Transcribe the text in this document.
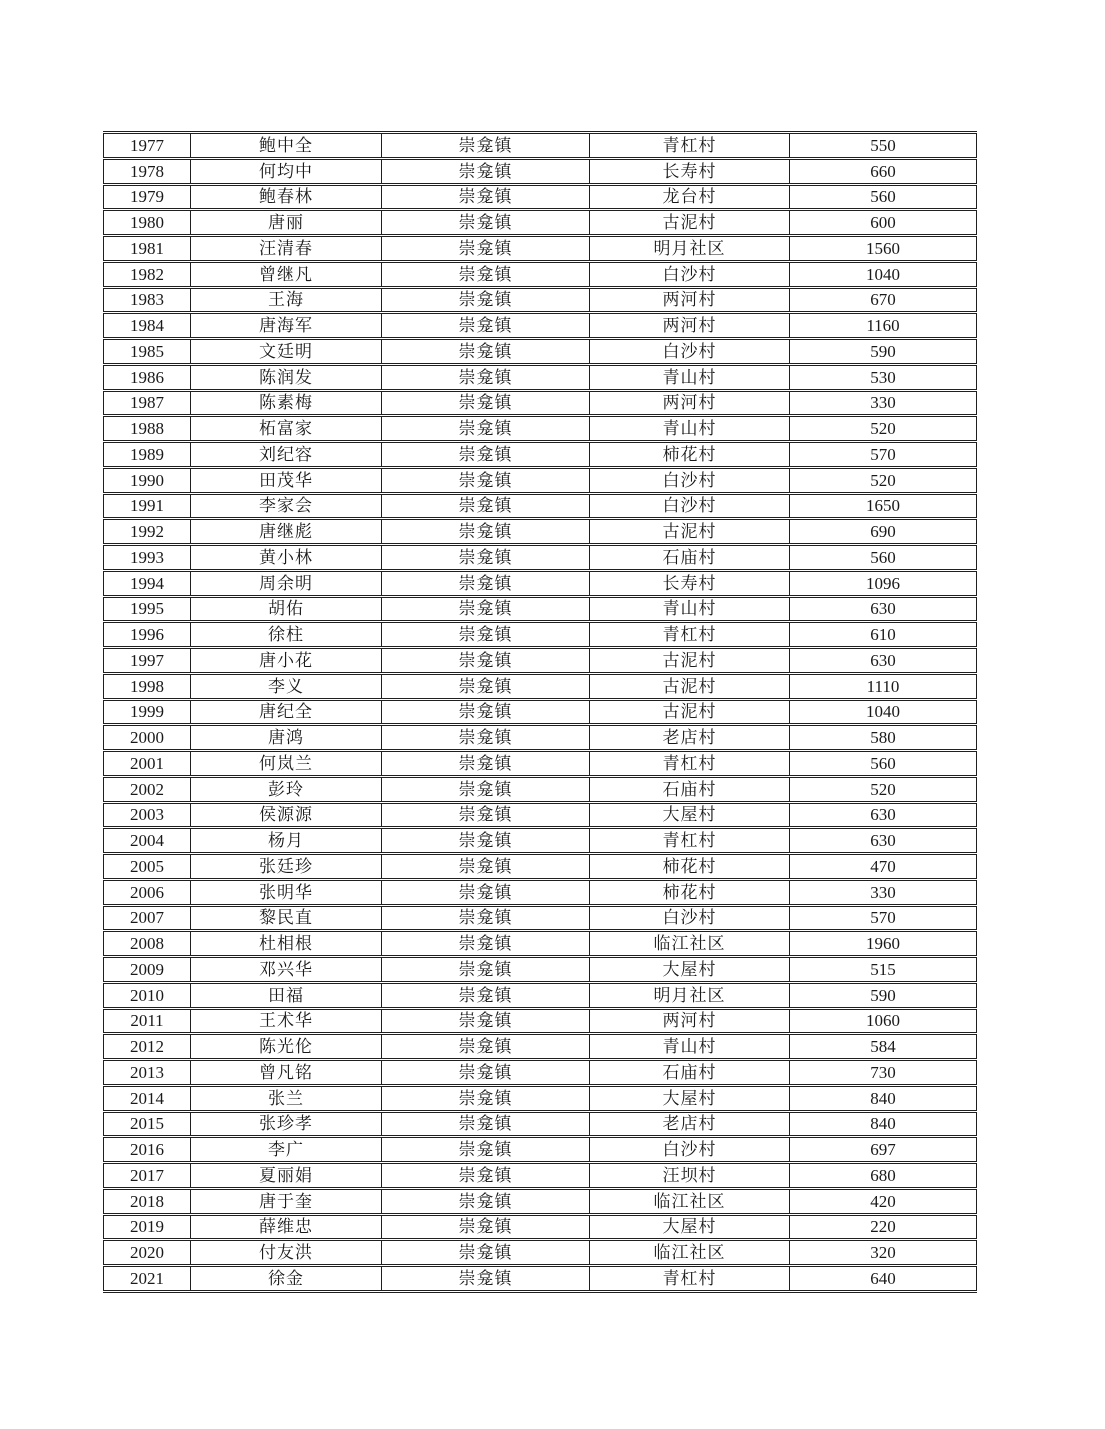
1977	鲍中全	崇龛镇	青杠村	550
1978	何均中	崇龛镇	长寿村	660
1979	鲍春林	崇龛镇	龙台村	560
1980	唐丽	崇龛镇	古泥村	600
1981	汪清春	崇龛镇	明月社区	1560
1982	曾继凡	崇龛镇	白沙村	1040
1983	王海	崇龛镇	两河村	670
1984	唐海军	崇龛镇	两河村	1160
1985	文廷明	崇龛镇	白沙村	590
1986	陈润发	崇龛镇	青山村	530
1987	陈素梅	崇龛镇	两河村	330
1988	柘富家	崇龛镇	青山村	520
1989	刘纪容	崇龛镇	柿花村	570
1990	田茂华	崇龛镇	白沙村	520
1991	李家会	崇龛镇	白沙村	1650
1992	唐继彪	崇龛镇	古泥村	690
1993	黄小林	崇龛镇	石庙村	560
1994	周余明	崇龛镇	长寿村	1096
1995	胡佑	崇龛镇	青山村	630
1996	徐柱	崇龛镇	青杠村	610
1997	唐小花	崇龛镇	古泥村	630
1998	李义	崇龛镇	古泥村	1110
1999	唐纪全	崇龛镇	古泥村	1040
2000	唐鸿	崇龛镇	老店村	580
2001	何岚兰	崇龛镇	青杠村	560
2002	彭玲	崇龛镇	石庙村	520
2003	侯源源	崇龛镇	大屋村	630
2004	杨月	崇龛镇	青杠村	630
2005	张廷珍	崇龛镇	柿花村	470
2006	张明华	崇龛镇	柿花村	330
2007	黎民直	崇龛镇	白沙村	570
2008	杜相根	崇龛镇	临江社区	1960
2009	邓兴华	崇龛镇	大屋村	515
2010	田福	崇龛镇	明月社区	590
2011	王术华	崇龛镇	两河村	1060
2012	陈光伦	崇龛镇	青山村	584
2013	曾凡铭	崇龛镇	石庙村	730
2014	张兰	崇龛镇	大屋村	840
2015	张珍孝	崇龛镇	老店村	840
2016	李广	崇龛镇	白沙村	697
2017	夏丽娟	崇龛镇	汪坝村	680
2018	唐于奎	崇龛镇	临江社区	420
2019	薛维忠	崇龛镇	大屋村	220
2020	付友洪	崇龛镇	临江社区	320
2021	徐金	崇龛镇	青杠村	640
